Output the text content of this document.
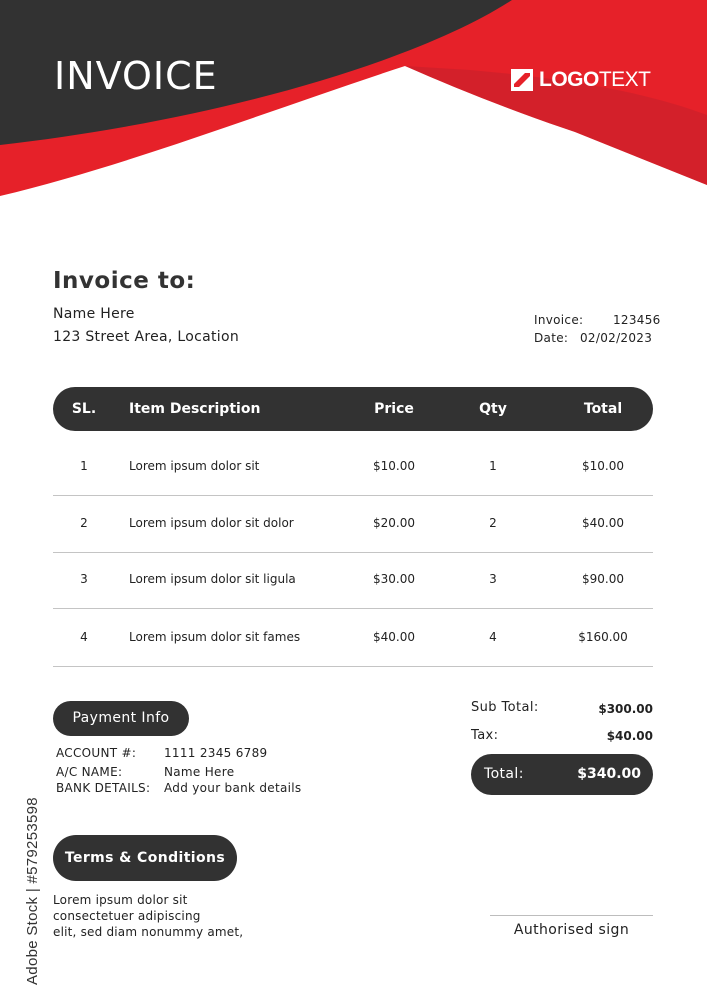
INVOICE	LOGOTEXT
Invoice to:
Name Here
123 Street Area, Location
Invoice: 123456
Date: 02/02/2023
SL.	Item Description	Price	Qty	Total
1	Lorem ipsum dolor sit	$10.00	1	$10.00
2	Lorem ipsum dolor sit dolor	$20.00	2	$40.00
3	Lorem ipsum dolor sit ligula	$30.00	3	$90.00
4	Lorem ipsum dolor sit fames	$40.00	4	$160.00
Payment Info
ACCOUNT #: 1111 2345 6789
A/C NAME:	Name Here
BANK DETAILS: Add your bank details
Sub Total:	$300.00
Tax:	$40.00
Total:	$340.00
Terms & Conditions
Lorem ipsum dolor sit
consectetuer adipiscing
elit, sed diam nonummy amet,	Authorised sign
Adobe Stock | #579253598
